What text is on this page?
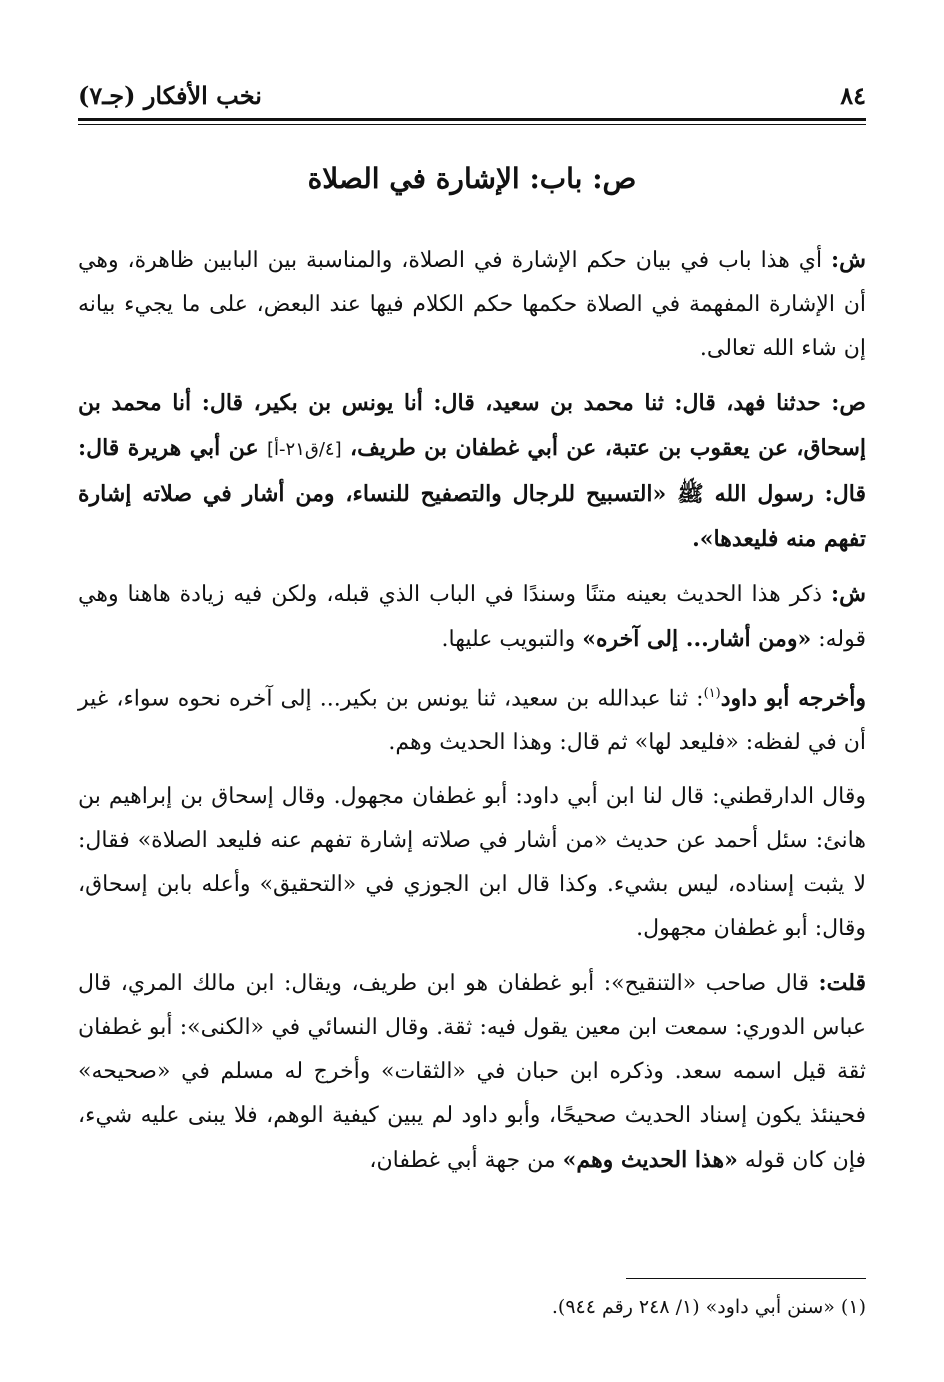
٨٤
نخب الأفكار (جـ٧)
ص: باب: الإشارة في الصلاة

ش: أي هذا باب في بيان حكم الإشارة في الصلاة، والمناسبة بين البابين ظاهرة، وهي أن الإشارة المفهمة في الصلاة حكمها حكم الكلام فيها عند البعض، على ما يجيء بيانه إن شاء الله تعالى.

ص: حدثنا فهد، قال: ثنا محمد بن سعيد، قال: أنا يونس بن بكير، قال: أنا محمد بن إسحاق، عن يعقوب بن عتبة، عن أبي غطفان بن طريف، [٤/ق٢١-أ] عن أبي هريرة قال: قال: رسول الله ﷺ «التسبيح للرجال والتصفيح للنساء، ومن أشار في صلاته إشارة تفهم منه فليعدها».

ش: ذكر هذا الحديث بعينه متنًا وسندًا في الباب الذي قبله، ولكن فيه زيادة هاهنا وهي قوله: «ومن أشار... إلى آخره» والتبويب عليها.

وأخرجه أبو داود$^{(١)}$: ثنا عبدالله بن سعيد، ثنا يونس بن بكير... إلى آخره نحوه سواء، غير أن في لفظه: «فليعد لها» ثم قال: وهذا الحديث وهم.

وقال الدارقطني: قال لنا ابن أبي داود: أبو غطفان مجهول. وقال إسحاق بن إبراهيم بن هانئ: سئل أحمد عن حديث «من أشار في صلاته إشارة تفهم عنه فليعد الصلاة» فقال: لا يثبت إسناده، ليس بشيء. وكذا قال ابن الجوزي في «التحقيق» وأعله بابن إسحاق، وقال: أبو غطفان مجهول.

قلت: قال صاحب «التنقيح»: أبو غطفان هو ابن طريف، ويقال: ابن مالك المري، قال عباس الدوري: سمعت ابن معين يقول فيه: ثقة. وقال النسائي في «الكنى»: أبو غطفان ثقة قيل اسمه سعد. وذكره ابن حبان في «الثقات» وأخرج له مسلم في «صحيحه» فحينئذ يكون إسناد الحديث صحيحًا، وأبو داود لم يبين كيفية الوهم، فلا يبنى عليه شيء، فإن كان قوله «هذا الحديث وهم» من جهة أبي غطفان،

(١) «سنن أبي داود» (١/ ٢٤٨ رقم ٩٤٤).
